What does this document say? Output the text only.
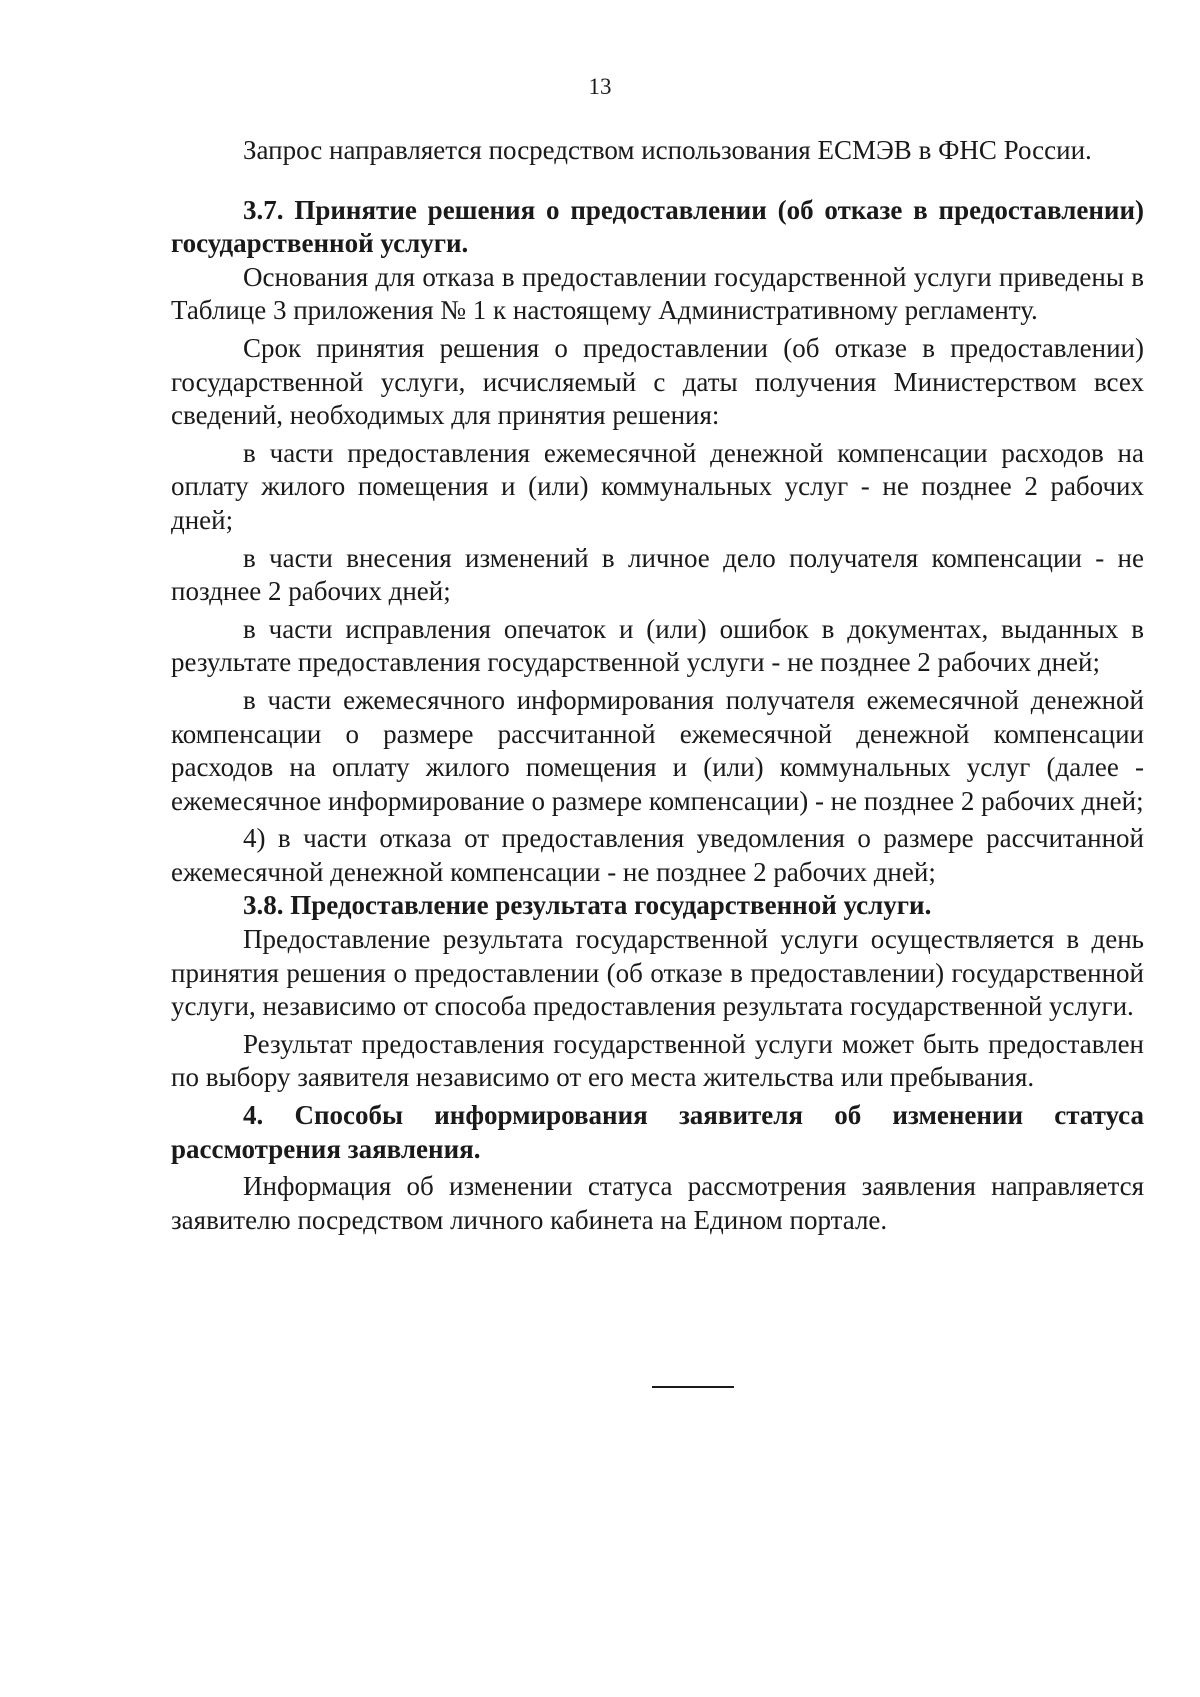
13

Запрос направляется посредством использования ЕСМЭВ в ФНС России.

3.7. Принятие решения о предоставлении (об отказе в предоставлении) государственной услуги.

Основания для отказа в предоставлении государственной услуги приведены в Таблице 3 приложения № 1 к настоящему Административному регламенту.

Срок принятия решения о предоставлении (об отказе в предоставлении) государственной услуги, исчисляемый с даты получения Министерством всех сведений, необходимых для принятия решения:

в части предоставления ежемесячной денежной компенсации расходов на оплату жилого помещения и (или) коммунальных услуг - не позднее 2 рабочих дней;

в части внесения изменений в личное дело получателя компенсации - не позднее 2 рабочих дней;

в части исправления опечаток и (или) ошибок в документах, выданных в результате предоставления государственной услуги - не позднее 2 рабочих дней;

в части ежемесячного информирования получателя ежемесячной денежной компенсации о размере рассчитанной ежемесячной денежной компенсации расходов на оплату жилого помещения и (или) коммунальных услуг (далее - ежемесячное информирование о размере компенсации) - не позднее 2 рабочих дней;

4) в части отказа от предоставления уведомления о размере рассчитанной ежемесячной денежной компенсации - не позднее 2 рабочих дней;

3.8. Предоставление результата государственной услуги.

Предоставление результата государственной услуги осуществляется в день принятия решения о предоставлении (об отказе в предоставлении) государственной услуги, независимо от способа предоставления результата государственной услуги.

Результат предоставления государственной услуги может быть предоставлен по выбору заявителя независимо от его места жительства или пребывания.

4. Способы информирования заявителя об изменении статуса рассмотрения заявления.

Информация об изменении статуса рассмотрения заявления направляется заявителю посредством личного кабинета на Едином портале.
